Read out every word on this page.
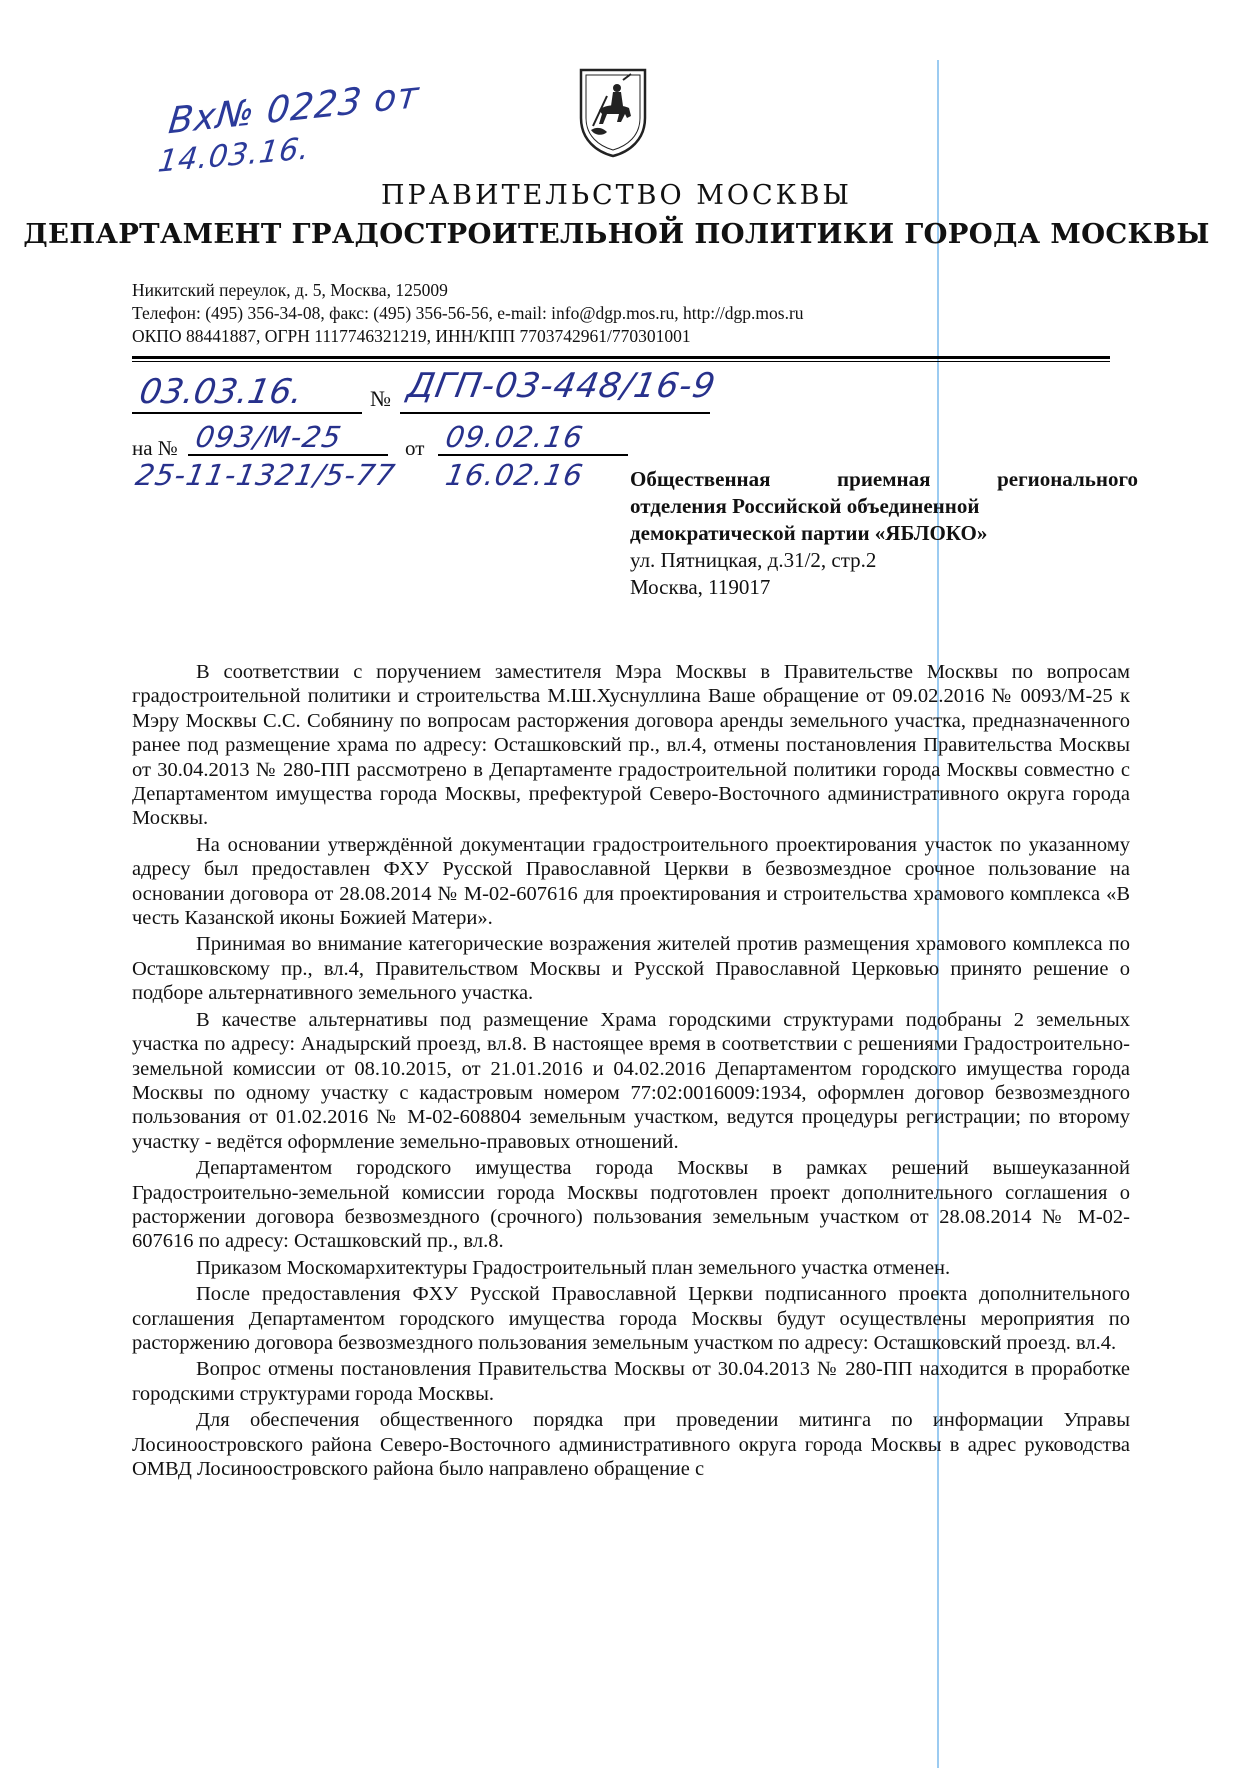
Вх№ 0223 от
14.03.16.
ПРАВИТЕЛЬСТВО МОСКВЫ
ДЕПАРТАМЕНТ ГРАДОСТРОИТЕЛЬНОЙ ПОЛИТИКИ ГОРОДА МОСКВЫ
Никитский переулок, д. 5, Москва, 125009
Телефон: (495) 356-34-08, факс: (495) 356-56-56, e-mail: info@dgp.mos.ru, http://dgp.mos.ru
ОКПО 88441887, ОГРН 1117746321219, ИНН/КПП 7703742961/770301001
03.03.16.	№ ДГП-03-448/16-9
на № 093/М-25	от 09.02.16
25-11-1321/5-77 16.02.16 Общественная приемная регионального
отделения Российской объединенной
демократической партии «ЯБЛОКО»
ул. Пятницкая, д.31/2, стр.2
Москва, 119017

В соответствии с поручением заместителя Мэра Москвы в Правительстве Москвы по вопросам градостроительной политики и строительства М.Ш.Хуснуллина Ваше обращение от 09.02.2016 № 0093/М-25 к Мэру Москвы С.С. Собянину по вопросам расторжения договора аренды земельного участка, предназначенного ранее под размещение храма по адресу: Осташковский пр., вл.4, отмены постановления Правительства Москвы от 30.04.2013 № 280-ПП рассмотрено в Департаменте градостроительной политики города Москвы совместно с Департаментом имущества города Москвы, префектурой Северо-Восточного административного округа города Москвы.

На основании утверждённой документации градостроительного проектирования участок по указанному адресу был предоставлен ФХУ Русской Православной Церкви в безвозмездное срочное пользование на основании договора от 28.08.2014 № М-02-607616 для проектирования и строительства храмового комплекса «В честь Казанской иконы Божией Матери».

Принимая во внимание категорические возражения жителей против размещения храмового комплекса по Осташковскому пр., вл.4, Правительством Москвы и Русской Православной Церковью принято решение о подборе альтернативного земельного участка.

В качестве альтернативы под размещение Храма городскими структурами подобраны 2 земельных участка по адресу: Анадырский проезд, вл.8. В настоящее время в соответствии с решениями Градостроительно-земельной комиссии от 08.10.2015, от 21.01.2016 и 04.02.2016 Департаментом городского имущества города Москвы по одному участку с кадастровым номером 77:02:0016009:1934, оформлен договор безвозмездного пользования от 01.02.2016 № М-02-608804 земельным участком, ведутся процедуры регистрации; по второму участку - ведётся оформление земельно-правовых отношений.

Департаментом городского имущества города Москвы в рамках решений вышеуказанной Градостроительно-земельной комиссии города Москвы подготовлен проект дополнительного соглашения о расторжении договора безвозмездного (срочного) пользования земельным участком от 28.08.2014 № М-02-607616 по адресу: Осташковский пр., вл.8.

Приказом Москомархитектуры Градостроительный план земельного участка отменен.

После предоставления ФХУ Русской Православной Церкви подписанного проекта дополнительного соглашения Департаментом городского имущества города Москвы будут осуществлены мероприятия по расторжению договора безвозмездного пользования земельным участком по адресу: Осташковский проезд. вл.4.

Вопрос отмены постановления Правительства Москвы от 30.04.2013 № 280-ПП находится в проработке городскими структурами города Москвы.

Для обеспечения общественного порядка при проведении митинга по информации Управы Лосиноостровского района Северо-Восточного административного округа города Москвы в адрес руководства ОМВД Лосиноостровского района было направлено обращение с
